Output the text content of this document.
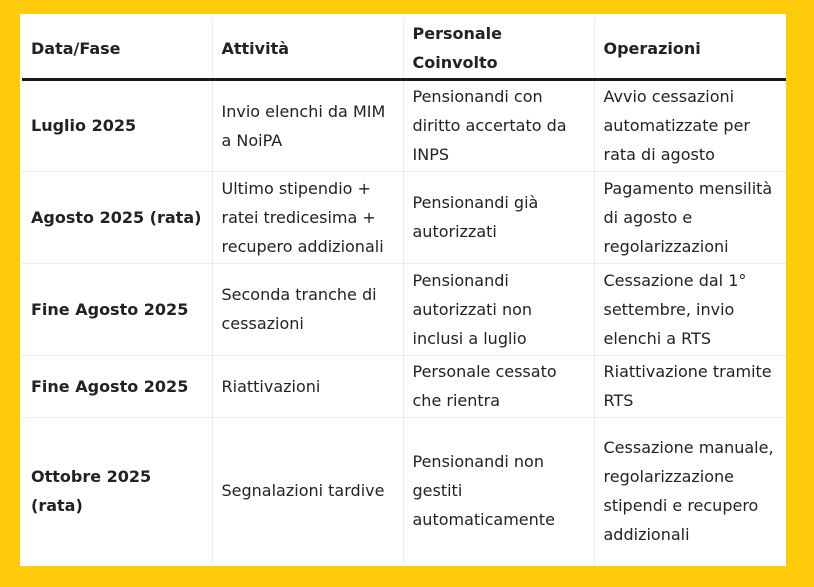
Data/Fase	Attività	Personale Coinvolto	Operazioni
Luglio 2025	Invio elenchi da MIM a NoiPA	Pensionandi con diritto accertato da INPS	Avvio cessazioni automatizzate per rata di agosto
Agosto 2025 (rata)	Ultimo stipendio + ratei tredicesima + recupero addizionali	Pensionandi già autorizzati	Pagamento mensilità di agosto e regolarizzazioni
Fine Agosto 2025	Seconda tranche di cessazioni	Pensionandi autorizzati non inclusi a luglio	Cessazione dal 1° settembre, invio elenchi a RTS
Fine Agosto 2025	Riattivazioni	Personale cessato che rientra	Riattivazione tramite RTS
Ottobre 2025 (rata)	Segnalazioni tardive	Pensionandi non gestiti automaticamente	Cessazione manuale, regolarizzazione stipendi e recupero addizionali
